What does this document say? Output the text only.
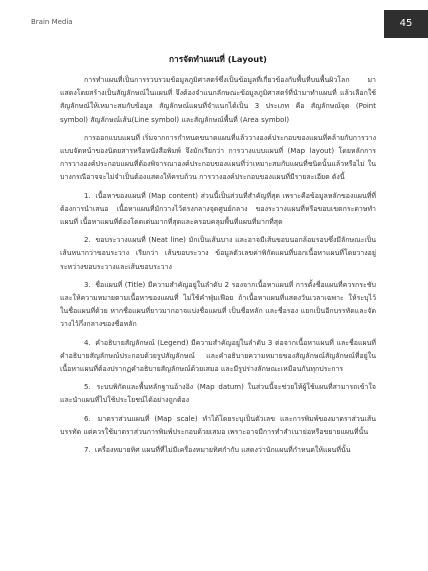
Brain Media	45
การจัดทำแผนที่ (Layout)

การทำแผนที่เป็นการรวบรวมข้อมูลภูมิศาสตร์ซึ่งเป็นข้อมูลที่เกี่ยวข้องกับพื้นที่บนพื้นผิวโลก มาแสดงโดยสร้างเป็นสัญลักษณ์ในแผนที่ จึงต้องจำแนกลักษณะข้อมูลภูมิศาสตร์ที่นำมาทำแผนที่ แล้วเลือกใช้สัญลักษณ์ให้เหมาะสมกับข้อมูล สัญลักษณ์แผนที่จำแนกได้เป็น 3 ประเภท คือ สัญลักษณ์จุด (Point symbol) สัญลักษณ์เส้น(Line symbol) และสัญลักษณ์พื้นที่ (Area symbol)

การออกแบบแผนที่ เริ่มจากการกำหนดขนาดแผนที่แล้ววางองค์ประกอบของแผนที่คล้ายกับการวางแบบจัดหน้าของนิตยสารหรือหนังสือพิมพ์ จึงมักเรียกว่า การวางแบบแผนที่ (Map layout) โดยหลักการการวางองค์ประกอบแผนที่ต้องพิจารณาองค์ประกอบของแผนที่ว่าเหมาะสมกับแผนที่ชนิดนั้นแล้วหรือไม่ ในบางกรณีอาจจะไม่จำเป็นต้องแสดงให้ครบถ้วน การวางองค์ประกอบของแผนที่มีรายละเอียด ดังนี้

1. เนื้อหาของแผนที่ (Map content) ส่วนนี้เป็นส่วนที่สำคัญที่สุด เพราะคือข้อมูลหลักของแผนที่ที่ต้องการนำเสนอ เนื้อหาแผนที่มักวางไว้ตรงกลางจุดศูนย์กลาง ของระวางแผนที่หรือขอบเขตกระดาษทำแผนที่ เนื้อหาแผนที่ต้องโดดเด่นมากที่สุดและครอบคลุมพื้นที่แผนที่มากที่สุด

2. ขอบระวางแผนที่ (Neat line) มักเป็นเส้นบาง และอาจมีเส้นขอบนอกล้อมรอบซึ่งมีลักษณะเป็นเส้นหนากว่าขอบระวาง เรียกว่า เส้นขอบระวาง ข้อมูลตัวเลขค่าพิกัดแผนที่บอกเนื้อหาแผนที่โดยวางอยู่ระหว่างขอบระวางและเส้นขอบระวาง

3. ชื่อแผนที่ (Title) มีความสำคัญอยู่ในลำดับ 2 รองจากเนื้อหาแผนที่ การตั้งชื่อแผนที่ควรกระชับและให้ความหมายตามเนื้อหาของแผนที่ ไม่ใช้คำฟุ่มเฟือย ถ้าเนื้อหาแผนที่แสดงวันเวลาเฉพาะ ให้ระบุไว้ในชื่อแผนที่ด้วย หากชื่อแผนที่ยาวมากอาจแบ่งชื่อแผนที่ เป็นชื่อหลัก และชื่อรอง แยกเป็นอีกบรรทัดและจัดวางไว้กึ่งกลางของชื่อหลัก

4. คำอธิบายสัญลักษณ์ (Legend) มีความสำคัญอยู่ในลำดับ 3 ต่อจากเนื้อหาแผนที่ และชื่อแผนที่คำอธิบายสัญลักษณ์ประกอบด้วยรูปสัญลักษณ์ และคำอธิบายความหมายของสัญลักษณ์สัญลักษณ์ที่อยู่ในเนื้อหาแผนที่ต้องปรากฏคำอธิบายสัญลักษณ์ด้วยเสมอ และมีรูปร่างลักษณะเหมือนกันทุกประการ

5. ระบบพิกัดและพื้นหลักฐานอ้างอิง (Map datum) ในส่วนนี้จะช่วยให้ผู้ใช้แผนที่สามารถเข้าใจและนำแผนที่ไปใช้ประโยชน์ได้อย่างถูกต้อง

6. มาตราส่วนแผนที่ (Map scale) ทำได้โดยระบุเป็นตัวเลข และการพิมพ์ของมาตราส่วนเส้นบรรทัด แต่ควรใช้มาตราส่วนการพิมพ์ประกอบด้วยเสมอ เพราะอาจมีการทำสำเนาย่อหรือขยายแผนที่นั้น

7. เครื่องหมายทิศ แผนที่ที่ไม่มีเครื่องหมายทิศกำกับ แสดงว่านักแผนที่กำหนดให้แผนที่นั้น
